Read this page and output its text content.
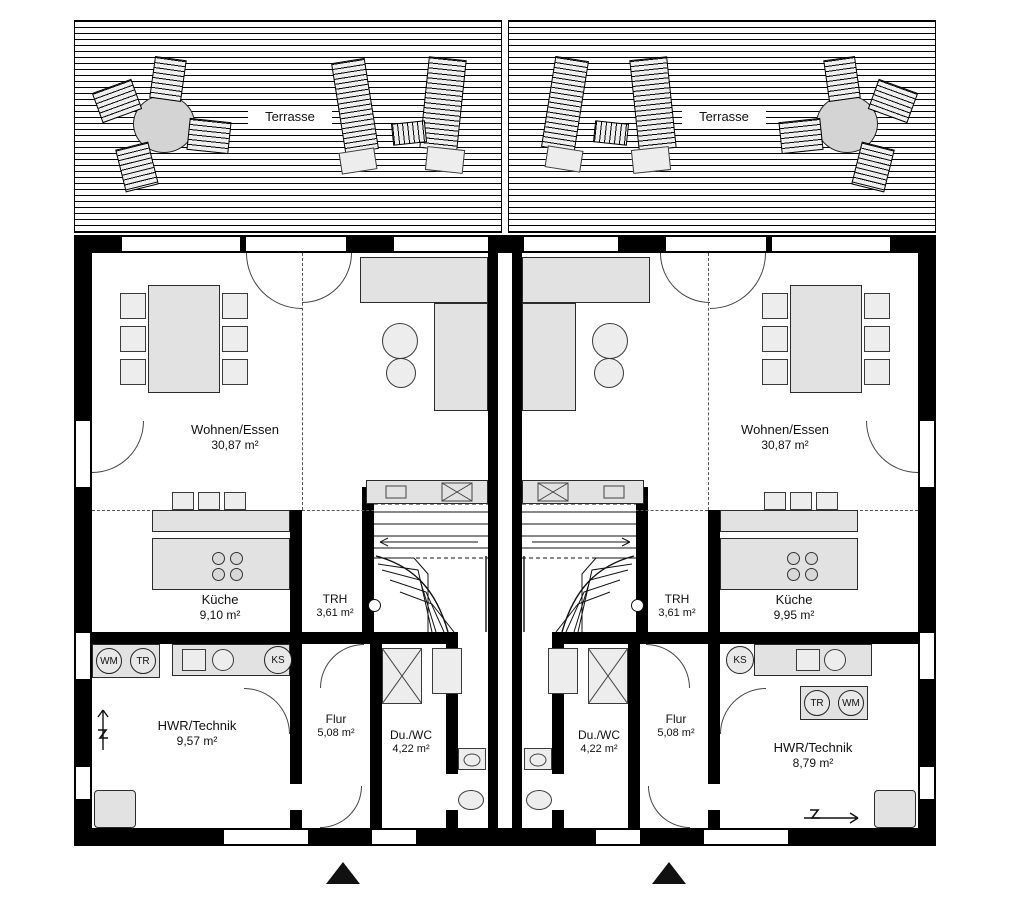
Terrasse	Terrasse
WM	TR	KS	KS
TR	WM
Wohnen/Essen
30,87 m²
Küche
9,10 m²
TRH
3,61 m²
Flur
5,08 m²	Du./WC
4,22 m²
HWR/Technik
9,57 m²
Wohnen/Essen
30,87 m²
Küche
9,95 m²
TRH
3,61 m²
Flur
5,08 m²
Du./WC
4,22 m²	HWR/Technik
8,79 m²
